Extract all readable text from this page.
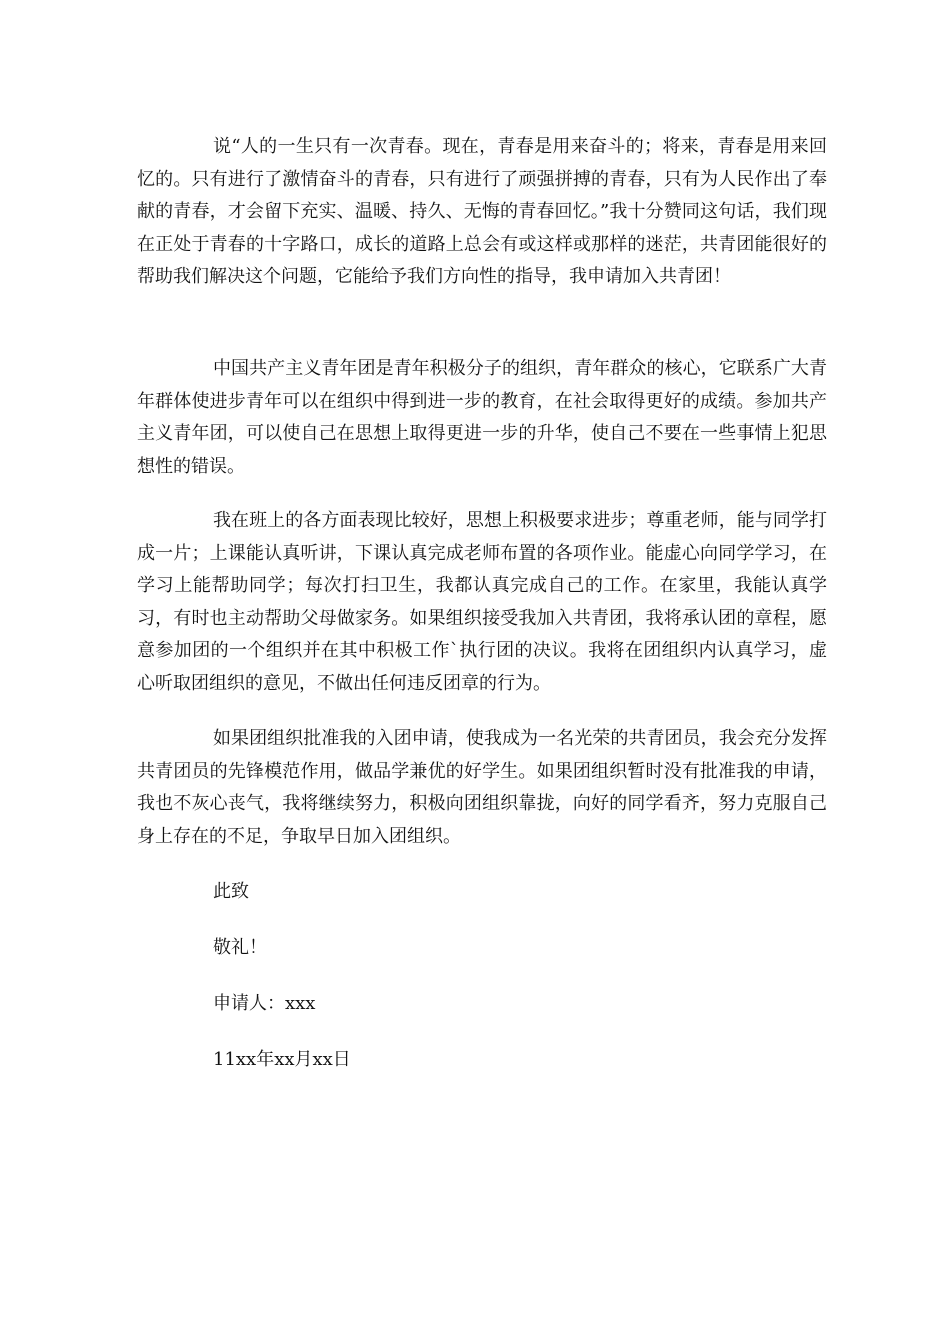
说“人的一生只有一次青春。现在，青春是用来奋斗的；将来，青春是用来回忆的。只有进行了激情奋斗的青春，只有进行了顽强拼搏的青春，只有为人民作出了奉献的青春，才会留下充实、温暖、持久、无悔的青春回忆。”我十分赞同这句话，我们现在正处于青春的十字路口，成长的道路上总会有或这样或那样的迷茫，共青团能很好的帮助我们解决这个问题，它能给予我们方向性的指导，我申请加入共青团！

中国共产主义青年团是青年积极分子的组织，青年群众的核心，它联系广大青年群体使进步青年可以在组织中得到进一步的教育，在社会取得更好的成绩。参加共产主义青年团，可以使自己在思想上取得更进一步的升华，使自己不要在一些事情上犯思想性的错误。

我在班上的各方面表现比较好，思想上积极要求进步；尊重老师，能与同学打成一片；上课能认真听讲，下课认真完成老师布置的各项作业。能虚心向同学学习，在学习上能帮助同学；每次打扫卫生，我都认真完成自己的工作。在家里，我能认真学习，有时也主动帮助父母做家务。如果组织接受我加入共青团，我将承认团的章程，愿意参加团的一个组织并在其中积极工作`执行团的决议。我将在团组织内认真学习，虚心听取团组织的意见，不做出任何违反团章的行为。

如果团组织批准我的入团申请，使我成为一名光荣的共青团员，我会充分发挥共青团员的先锋模范作用，做品学兼优的好学生。如果团组织暂时没有批准我的申请，我也不灰心丧气，我将继续努力，积极向团组织靠拢，向好的同学看齐，努力克服自己身上存在的不足，争取早日加入团组织。

此致
敬礼！
申请人：xxx
11xx年xx月xx日
